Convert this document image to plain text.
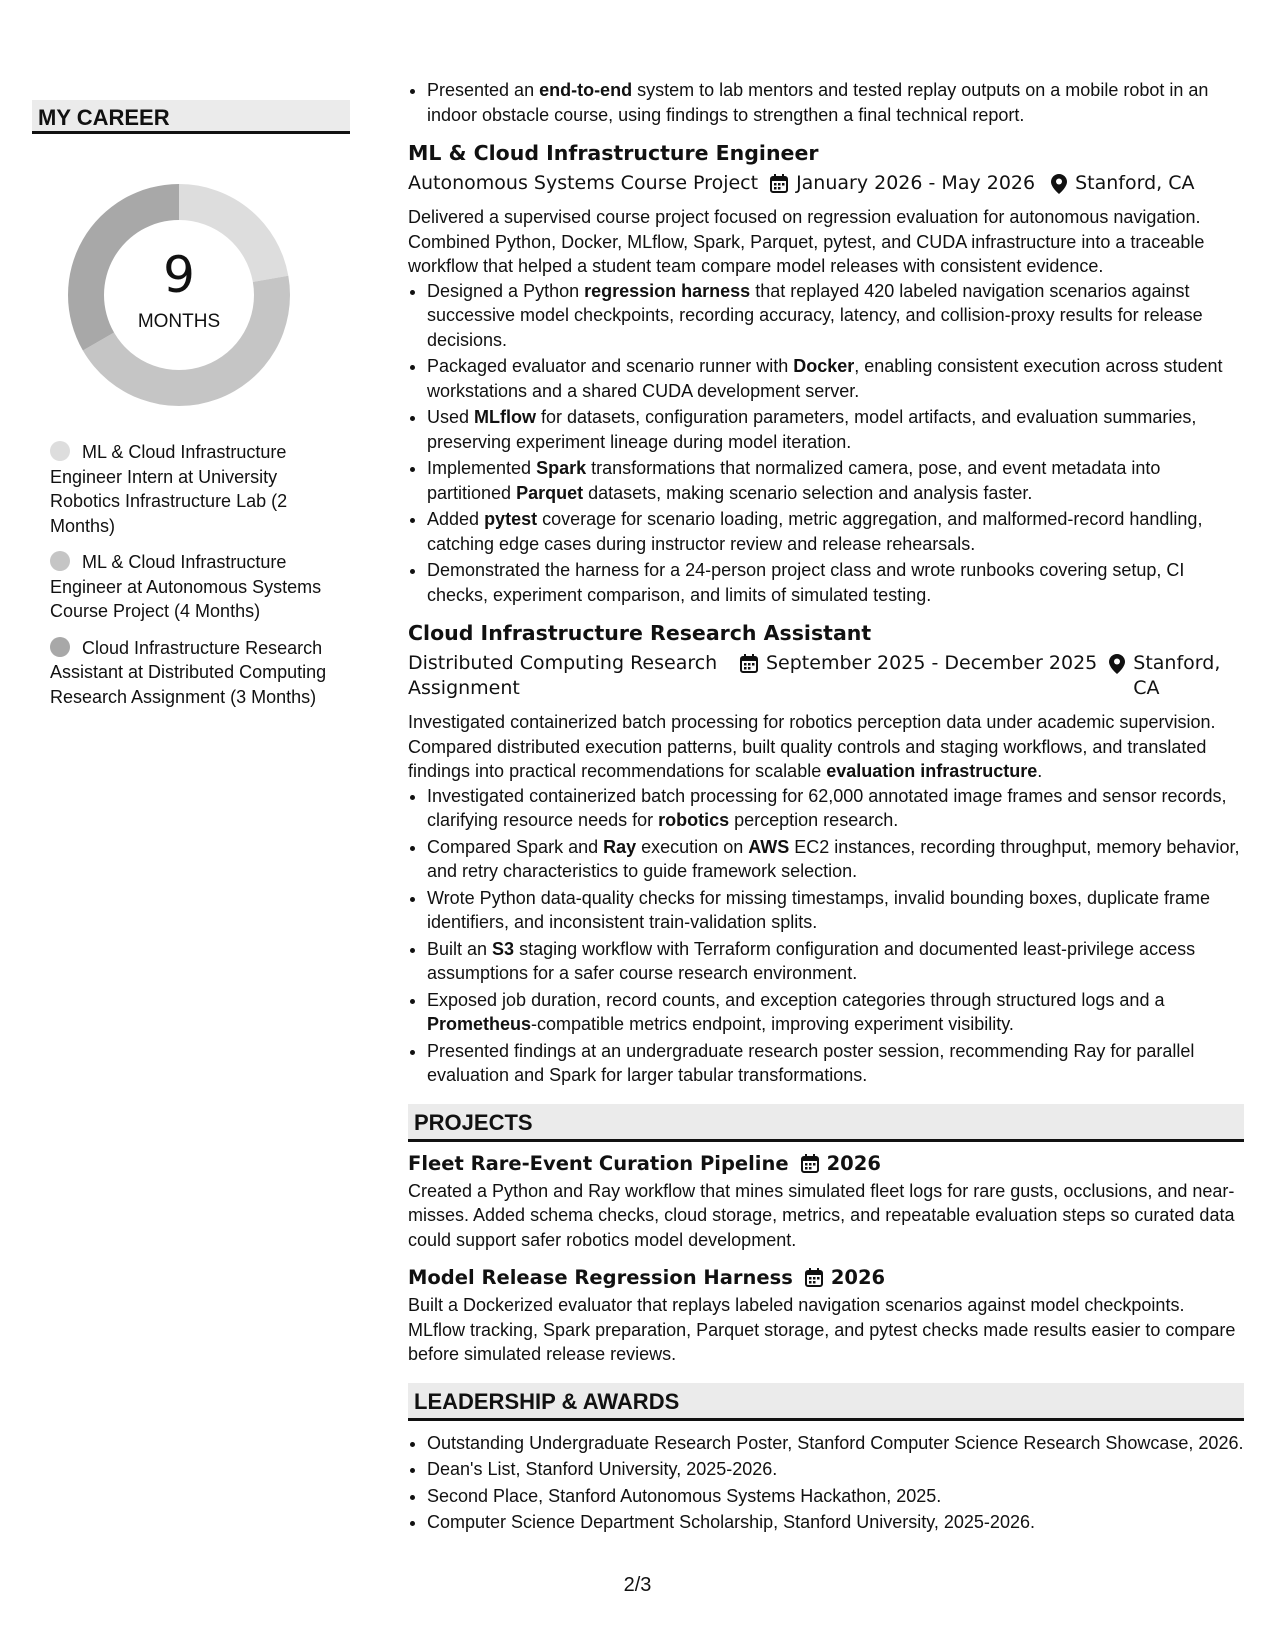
MY CAREER
9
MONTHS
ML & Cloud Infrastructure Engineer Intern at University Robotics Infrastructure Lab (2 Months)
ML & Cloud Infrastructure Engineer at Autonomous Systems Course Project (4 Months)
Cloud Infrastructure Research Assistant at Distributed Computing Research Assignment (3 Months)
• Presented an end-to-end system to lab mentors and tested replay outputs on a mobile robot in an indoor obstacle course, using findings to strengthen a final technical report.
ML & Cloud Infrastructure Engineer
Autonomous Systems Course Project January 2026 - May 2026 Stanford, CA

Delivered a supervised course project focused on regression evaluation for autonomous navigation. Combined Python, Docker, MLflow, Spark, Parquet, pytest, and CUDA infrastructure into a traceable workflow that helped a student team compare model releases with consistent evidence.

• Designed a Python regression harness that replayed 420 labeled navigation scenarios against successive model checkpoints, recording accuracy, latency, and collision-proxy results for release decisions.
• Packaged evaluator and scenario runner with Docker, enabling consistent execution across student workstations and a shared CUDA development server.
• Used MLflow for datasets, configuration parameters, model artifacts, and evaluation summaries, preserving experiment lineage during model iteration.
• Implemented Spark transformations that normalized camera, pose, and event metadata into partitioned Parquet datasets, making scenario selection and analysis faster.
• Added pytest coverage for scenario loading, metric aggregation, and malformed-record handling, catching edge cases during instructor review and release rehearsals.
• Demonstrated the harness for a 24-person project class and wrote runbooks covering setup, CI checks, experiment comparison, and limits of simulated testing.
Cloud Infrastructure Research Assistant
Distributed Computing Research Assignment
September 2025 - December 2025 Stanford, CA

Investigated containerized batch processing for robotics perception data under academic supervision. Compared distributed execution patterns, built quality controls and staging workflows, and translated findings into practical recommendations for scalable evaluation infrastructure.

• Investigated containerized batch processing for 62,000 annotated image frames and sensor records, clarifying resource needs for robotics perception research.
• Compared Spark and Ray execution on AWS EC2 instances, recording throughput, memory behavior, and retry characteristics to guide framework selection.
• Wrote Python data-quality checks for missing timestamps, invalid bounding boxes, duplicate frame identifiers, and inconsistent train-validation splits.
• Built an S3 staging workflow with Terraform configuration and documented least-privilege access assumptions for a safer course research environment.
• Exposed job duration, record counts, and exception categories through structured logs and a Prometheus-compatible metrics endpoint, improving experiment visibility.
• Presented findings at an undergraduate research poster session, recommending Ray for parallel evaluation and Spark for larger tabular transformations.
PROJECTS
Fleet Rare-Event Curation Pipeline 2026

Created a Python and Ray workflow that mines simulated fleet logs for rare gusts, occlusions, and near-misses. Added schema checks, cloud storage, metrics, and repeatable evaluation steps so curated data could support safer robotics model development.

Model Release Regression Harness 2026

Built a Dockerized evaluator that replays labeled navigation scenarios against model checkpoints. MLflow tracking, Spark preparation, Parquet storage, and pytest checks made results easier to compare before simulated release reviews.

LEADERSHIP & AWARDS
• Outstanding Undergraduate Research Poster, Stanford Computer Science Research Showcase, 2026.
• Dean's List, Stanford University, 2025-2026.
• Second Place, Stanford Autonomous Systems Hackathon, 2025.
• Computer Science Department Scholarship, Stanford University, 2025-2026.
2/3
